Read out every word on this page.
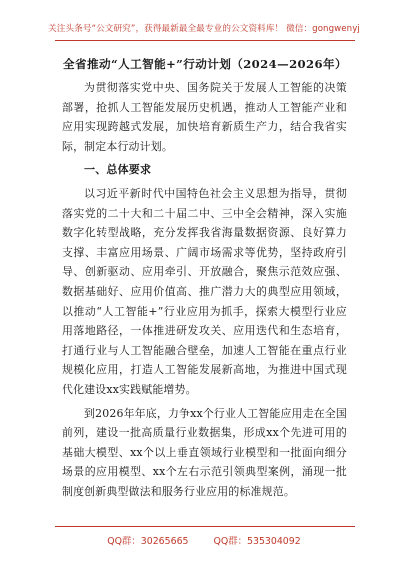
关注头条号“公文研究”，获得最新最全最专业的公文资料库！ 微信：gongwenyj
全省推动“人工智能+”行动计划（2024—2026年）

为贯彻落实党中央、国务院关于发展人工智能的决策部署，抢抓人工智能发展历史机遇，推动人工智能产业和应用实现跨越式发展，加快培育新质生产力，结合我省实际，制定本行动计划。

一、总体要求

以习近平新时代中国特色社会主义思想为指导，贯彻落实党的二十大和二十届二中、三中全会精神，深入实施数字化转型战略，充分发挥我省海量数据资源、良好算力支撑、丰富应用场景、广阔市场需求等优势，坚持政府引导、创新驱动、应用牵引、开放融合，聚焦示范效应强、数据基础好、应用价值高、推广潜力大的典型应用领域，以推动“人工智能+”行业应用为抓手，探索大模型行业应用落地路径，一体推进研发攻关、应用迭代和生态培育，打通行业与人工智能融合壁垒，加速人工智能在重点行业规模化应用，打造人工智能发展新高地，为推进中国式现代化建设xx实践赋能增势。

到2026年年底，力争xx个行业人工智能应用走在全国前列，建设一批高质量行业数据集，形成xx个先进可用的基础大模型、xx个以上垂直领域行业模型和一批面向细分场景的应用模型、xx个左右示范引领典型案例，涌现一批制度创新典型做法和服务行业应用的标准规范。

QQ群：30265665	QQ群：535304092
